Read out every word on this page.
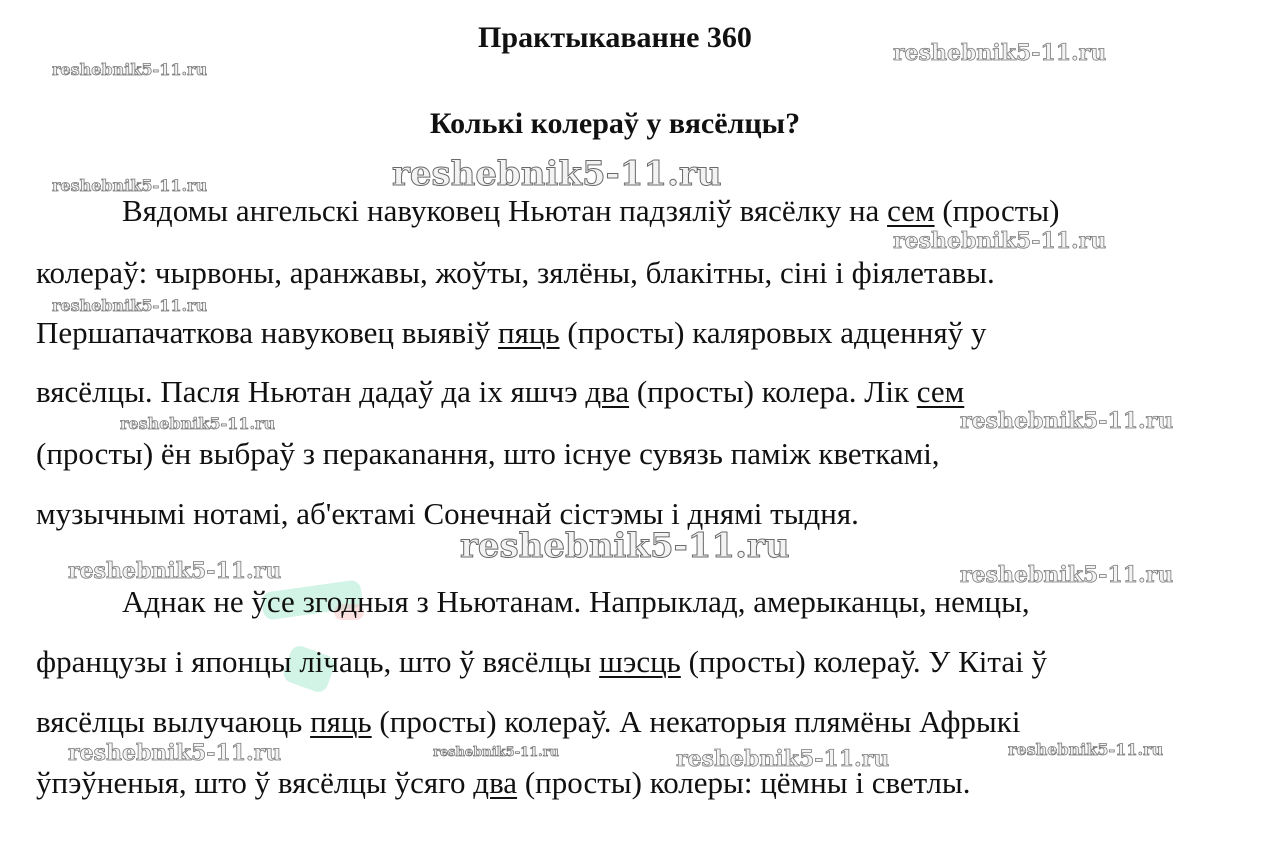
Практыкаванне 360
Колькі колераў у вясёлцы?
Вядомы ангельскі навуковец Ньютан падзяліў вясёлку на сем (просты)
колераў: чырвоны, аранжавы, жоўты, зялёны, блакітны, сіні і фіялетавы.
Першапачаткова навуковец выявіў пяць (просты) каляровых адценняў у
вясёлцы. Пасля Ньютан дадаў да іх яшчэ два (просты) колера. Лік сем
(просты) ён выбраў з перакanання, што існуе сувязь паміж кветкамі,
музычнымі нотамі, аб'ектамі Сонечнай сістэмы і днямі тыдня.
Аднак не ўсе згодныя з Ньютанам. Напрыклад, амерыканцы, немцы,
французы і японцы лічаць, што ў вясёлцы шэсць (просты) колераў. У Кітаі ў
вясёлцы вылучаюць пяць (просты) колераў. А некаторыя плямёны Афрыкі
ўпэўненыя, што ў вясёлцы ўсяго два (просты) колеры: цёмны і светлы.
reshebnik5-11.ru
reshebnik5-11.ru
reshebnik5-11.ru	reshebnik5-11.ru
reshebnik5-11.ru
reshebnik5-11.ru
reshebnik5-11.ru	reshebnik5-11.ru
reshebnik5-11.ru
reshebnik5-11.ru	reshebnik5-11.ru
reshebnik5-11.ru	reshebnik5-11.ru	reshebnik5-11.ru	reshebnik5-11.ru
